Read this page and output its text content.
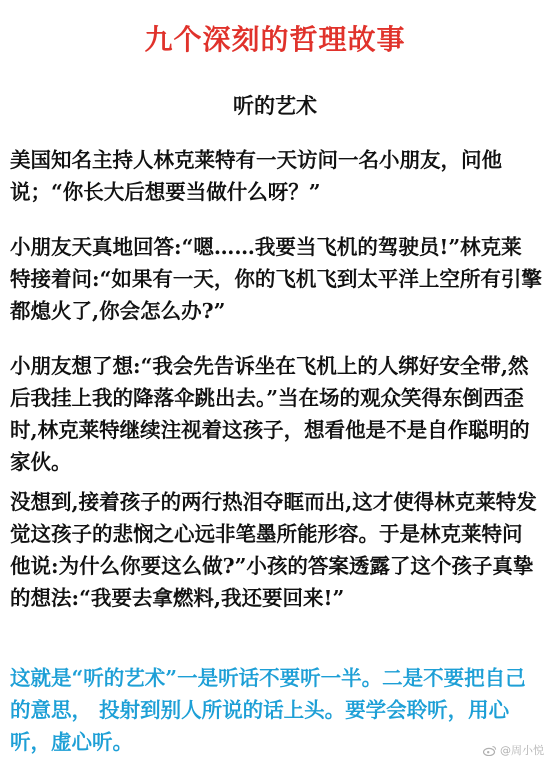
九个深刻的哲理故事
听的艺术
美国知名主持人林克莱特有一天访问一名小朋友，问他说；“你长大后想要当做什么呀？”
小朋友天真地回答:“嗯……我要当飞机的驾驶员!”林克莱特接着问:“如果有一天，你的飞机飞到太平洋上空所有引擎都熄火了,你会怎么办?”
小朋友想了想:“我会先告诉坐在飞机上的人绑好安全带,然后我挂上我的降落伞跳出去。”当在场的观众笑得东倒西歪时,林克莱特继续注视着这孩子，想看他是不是自作聪明的家伙。
没想到,接着孩子的两行热泪夺眶而出,这才使得林克莱特发觉这孩子的悲悯之心远非笔墨所能形容。于是林克莱特问他说:为什么你要这么做?”小孩的答案透露了这个孩子真挚的想法:“我要去拿燃料,我还要回来!”
这就是“听的艺术”一是听话不要听一半。二是不要把自己的意思， 投射到别人所说的话上头。要学会聆听，用心听，虚心听。	@周小悦
